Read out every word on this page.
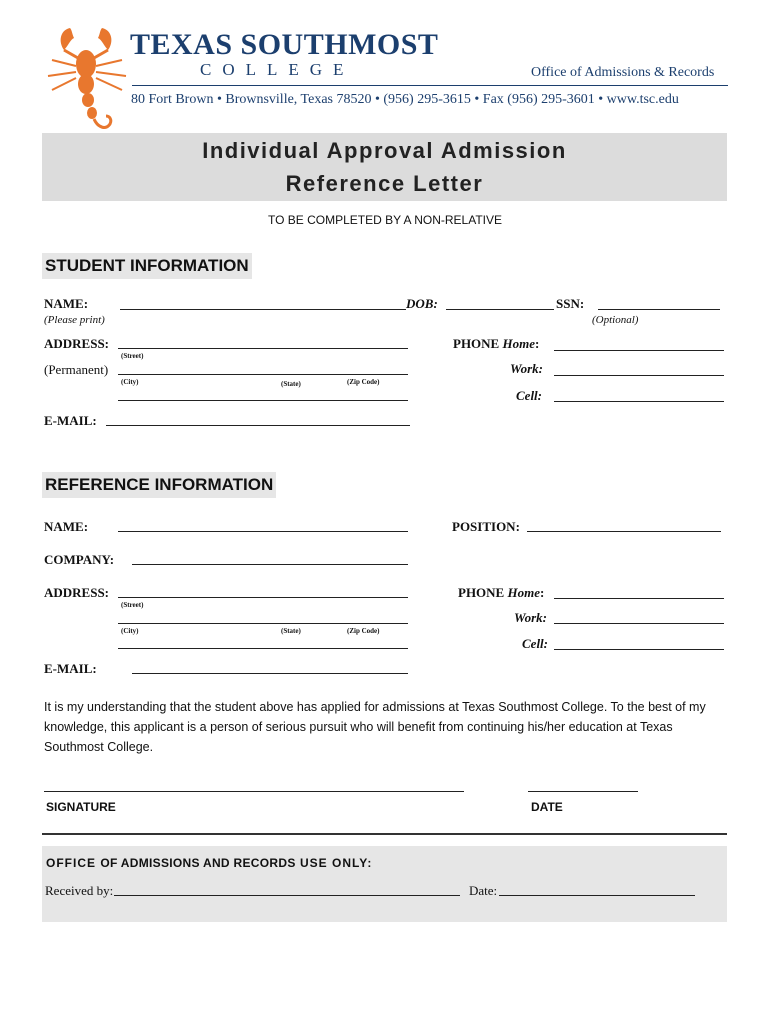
TEXAS SOUTHMOST
COLLEGE	Office of Admissions & Records
80 Fort Brown • Brownsville, Texas 78520 • (956) 295-3615 • Fax (956) 295-3601 • www.tsc.edu
Individual Approval Admission
Reference Letter
TO BE COMPLETED BY A NON-RELATIVE
STUDENT INFORMATION
NAME:	DOB:	SSN:
(Please print)	(Optional)
ADDRESS:
(Street)
(Permanent)
(City)	(State)	(Zip Code)
PHONE Home:
Work:
Cell:
E-MAIL:
REFERENCE INFORMATION
NAME:	POSITION:
COMPANY:
ADDRESS:
(Street)
(City)	(State)	(Zip Code)
PHONE Home:
Work:
Cell:
E-MAIL:
It is my understanding that the student above has applied for admissions at Texas Southmost College. To the best of my knowledge, this applicant is a person of serious pursuit who will benefit from continuing his/her education at Texas Southmost College.
SIGNATURE	DATE
OFFICE OF ADMISSIONS AND RECORDS USE ONLY:
Received by:	Date:
